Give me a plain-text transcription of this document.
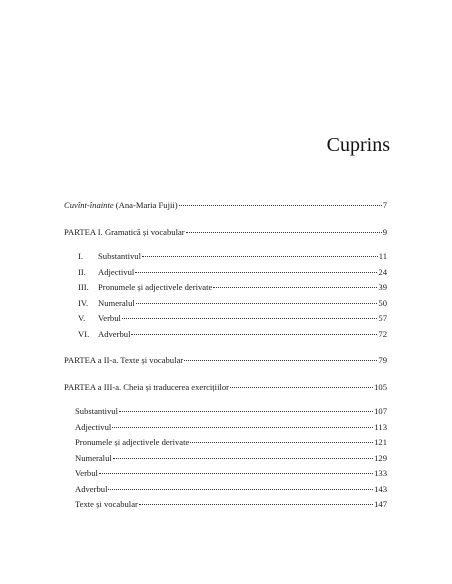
Cuprins
Cuvînt-înainte (Ana-Maria Fujii)	7
PARTEA I. Gramatică și vocabular	9
I. Substantivul	11
II. Adjectivul	24
III. Pronumele și adjectivele derivate	39
IV. Numeralul	50
V. Verbul	57
VI. Adverbul	72
PARTEA a II-a. Texte și vocabular	79
PARTEA a III-a. Cheia și traducerea exercițiilor	105
Substantivul	107
Adjectivul	113
Pronumele și adjectivele derivate	121
Numeralul	129
Verbul	133
Adverbul	143
Texte și vocabular	147
